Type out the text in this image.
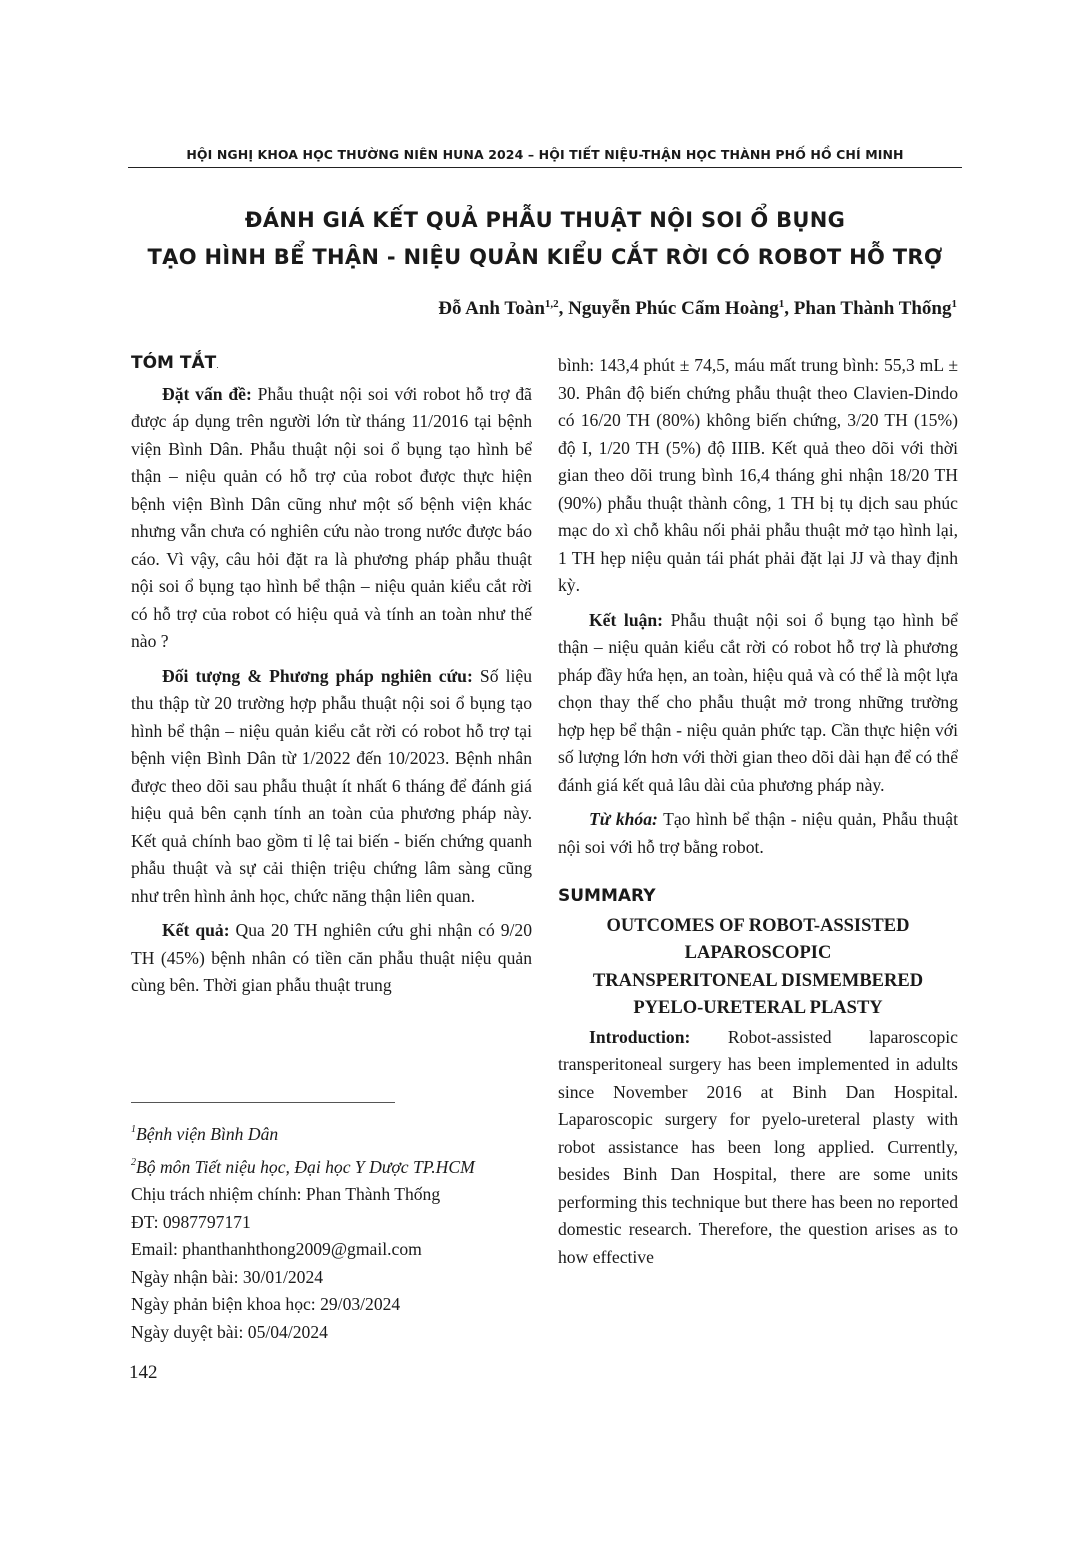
HỘI NGHỊ KHOA HỌC THƯỜNG NIÊN HUNA 2024 – HỘI TIẾT NIỆU-THẬN HỌC THÀNH PHỐ HỒ CHÍ MINH
ĐÁNH GIÁ KẾT QUẢ PHẪU THUẬT NỘI SOI Ổ BỤNG
TẠO HÌNH BỂ THẬN - NIỆU QUẢN KIỂU CẮT RỜI CÓ ROBOT HỖ TRỢ
Đỗ Anh Toàn$^{1,2}$, Nguyễn Phúc Cẩm Hoàng$^1$, Phan Thành Thống$^1$
TÓM TẮT.

Đặt vấn đề: Phẫu thuật nội soi với robot hỗ trợ đã được áp dụng trên người lớn từ tháng 11/2016 tại bệnh viện Bình Dân. Phẫu thuật nội soi ổ bụng tạo hình bể thận – niệu quản có hỗ trợ của robot được thực hiện bệnh viện Bình Dân cũng như một số bệnh viện khác nhưng vẫn chưa có nghiên cứu nào trong nước được báo cáo. Vì vậy, câu hỏi đặt ra là phương pháp phẫu thuật nội soi ổ bụng tạo hình bể thận – niệu quản kiểu cắt rời có hỗ trợ của robot có hiệu quả và tính an toàn như thế nào ?

Đối tượng & Phương pháp nghiên cứu: Số liệu thu thập từ 20 trường hợp phẫu thuật nội soi ổ bụng tạo hình bể thận – niệu quản kiểu cắt rời có robot hỗ trợ tại bệnh viện Bình Dân từ 1/2022 đến 10/2023. Bệnh nhân được theo dõi sau phẫu thuật ít nhất 6 tháng để đánh giá hiệu quả bên cạnh tính an toàn của phương pháp này. Kết quả chính bao gồm tỉ lệ tai biến - biến chứng quanh phẫu thuật và sự cải thiện triệu chứng lâm sàng cũng như trên hình ảnh học, chức năng thận liên quan.

Kết quả: Qua 20 TH nghiên cứu ghi nhận có 9/20 TH (45%) bệnh nhân có tiền căn phẫu thuật niệu quản cùng bên. Thời gian phẫu thuật trung

bình: 143,4 phút ± 74,5, máu mất trung bình: 55,3 mL ± 30. Phân độ biến chứng phẫu thuật theo Clavien-Dindo có 16/20 TH (80%) không biến chứng, 3/20 TH (15%) độ I, 1/20 TH (5%) độ IIIB. Kết quả theo dõi với thời gian theo dõi trung bình 16,4 tháng ghi nhận 18/20 TH (90%) phẫu thuật thành công, 1 TH bị tụ dịch sau phúc mạc do xì chỗ khâu nối phải phẫu thuật mở tạo hình lại, 1 TH hẹp niệu quản tái phát phải đặt lại JJ và thay định kỳ.

Kết luận: Phẫu thuật nội soi ổ bụng tạo hình bể thận – niệu quản kiểu cắt rời có robot hỗ trợ là phương pháp đầy hứa hẹn, an toàn, hiệu quả và có thể là một lựa chọn thay thế cho phẫu thuật mở trong những trường hợp hẹp bể thận - niệu quản phức tạp. Cần thực hiện với số lượng lớn hơn với thời gian theo dõi dài hạn để có thể đánh giá kết quả lâu dài của phương pháp này.

Từ khóa: Tạo hình bể thận - niệu quản, Phẫu thuật nội soi với hỗ trợ bằng robot.

SUMMARY
OUTCOMES OF ROBOT-ASSISTED
LAPAROSCOPIC
TRANSPERITONEAL DISMEMBERED
PYELO-URETERAL PLASTY

Introduction: Robot-assisted laparoscopic transperitoneal surgery has been implemented in adults since November 2016 at Binh Dan Hospital. Laparoscopic surgery for pyelo-ureteral plasty with robot assistance has been long applied. Currently, besides Binh Dan Hospital, there are some units performing this technique but there has been no reported domestic research. Therefore, the question arises as to how effective

$^1$Bệnh viện Bình Dân
$^2$Bộ môn Tiết niệu học, Đại học Y Dược TP.HCM
Chịu trách nhiệm chính: Phan Thành Thống
ĐT: 0987797171
Email: phanthanhthong2009@gmail.com
Ngày nhận bài: 30/01/2024
Ngày phản biện khoa học: 29/03/2024
Ngày duyệt bài: 05/04/2024
142
